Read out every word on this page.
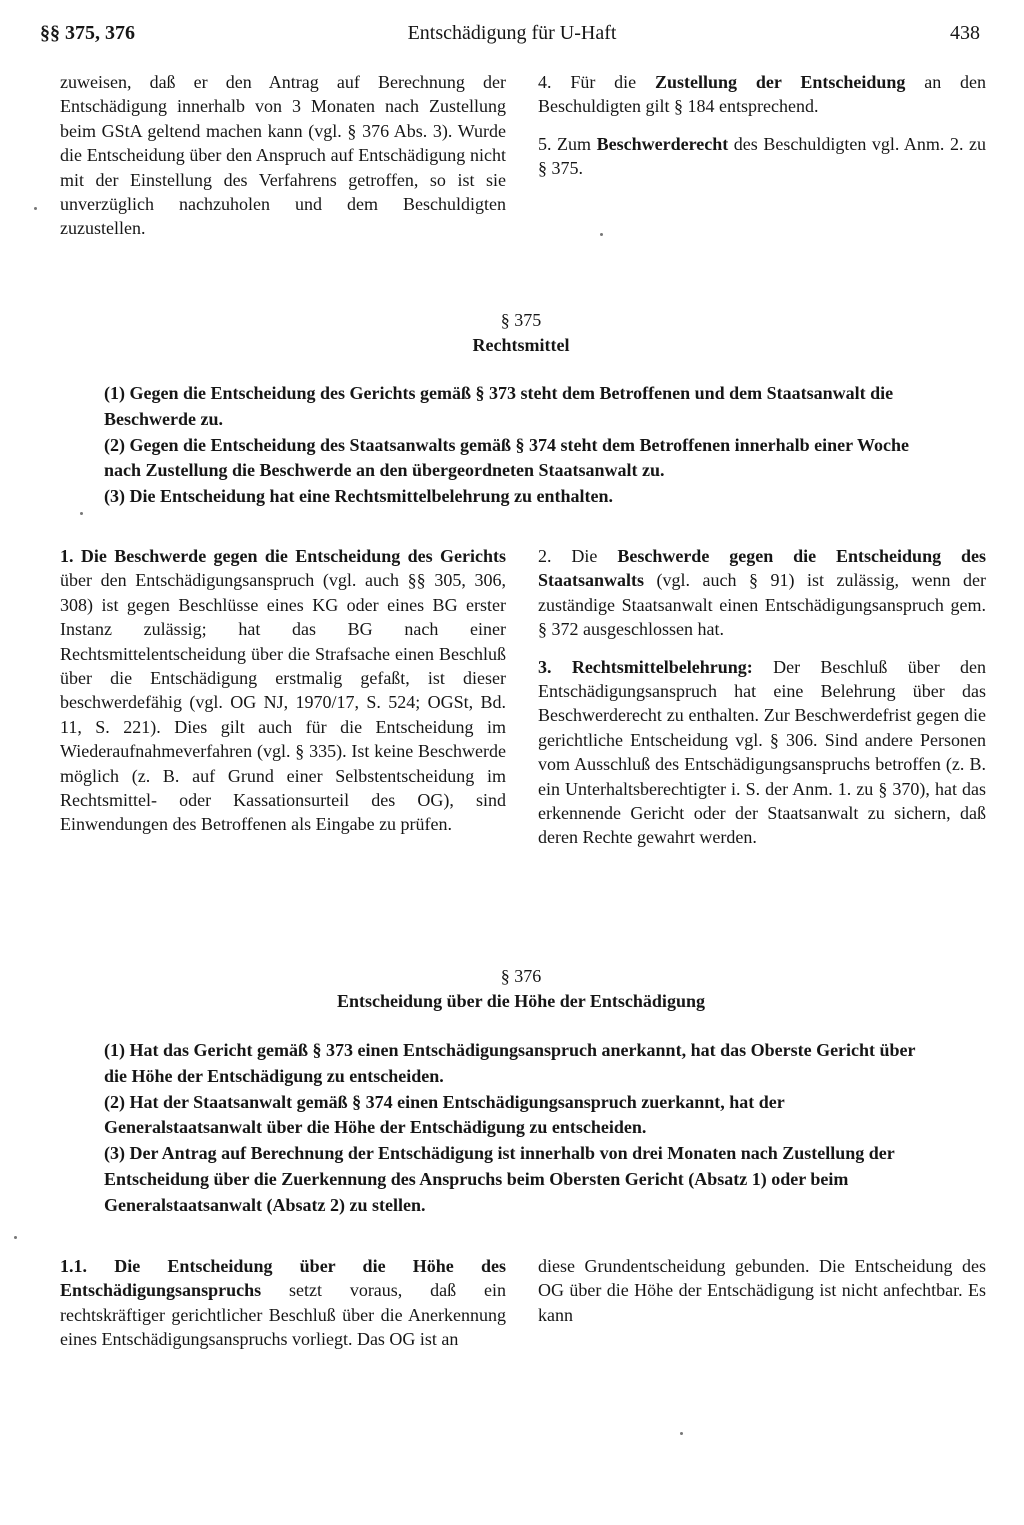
§§ 375, 376	Entschädigung für U-Haft	438

zuweisen, daß er den Antrag auf Berechnung der Entschädigung innerhalb von 3 Monaten nach Zustellung beim GStA geltend machen kann (vgl. § 376 Abs. 3). Wurde die Entscheidung über den Anspruch auf Entschädigung nicht mit der Einstellung des Verfahrens getroffen, so ist sie unverzüglich nachzuholen und dem Beschuldigten zuzustellen.

4. Für die Zustellung der Entscheidung an den Beschuldigten gilt § 184 entsprechend.

5. Zum Beschwerderecht des Beschuldigten vgl. Anm. 2. zu § 375.

§ 375
Rechtsmittel

(1) Gegen die Entscheidung des Gerichts gemäß § 373 steht dem Betroffenen und dem Staatsanwalt die Beschwerde zu.

(2) Gegen die Entscheidung des Staatsanwalts gemäß § 374 steht dem Betroffenen innerhalb einer Woche nach Zustellung die Beschwerde an den übergeordneten Staatsanwalt zu.

(3) Die Entscheidung hat eine Rechtsmittelbelehrung zu enthalten.

1. Die Beschwerde gegen die Entscheidung des Gerichts über den Entschädigungsanspruch (vgl. auch §§ 305, 306, 308) ist gegen Beschlüsse eines KG oder eines BG erster Instanz zulässig; hat das BG nach einer Rechtsmittelentscheidung über die Strafsache einen Beschluß über die Entschädigung erstmalig gefaßt, ist dieser beschwerdefähig (vgl. OG NJ, 1970/17, S. 524; OGSt, Bd. 11, S. 221). Dies gilt auch für die Entscheidung im Wiederaufnahmeverfahren (vgl. § 335). Ist keine Beschwerde möglich (z. B. auf Grund einer Selbstentscheidung im Rechtsmittel- oder Kassationsurteil des OG), sind Einwendungen des Betroffenen als Eingabe zu prüfen.

2. Die Beschwerde gegen die Entscheidung des Staatsanwalts (vgl. auch § 91) ist zulässig, wenn der zuständige Staatsanwalt einen Entschädigungsanspruch gem. § 372 ausgeschlossen hat.

3. Rechtsmittelbelehrung: Der Beschluß über den Entschädigungsanspruch hat eine Belehrung über das Beschwerderecht zu enthalten. Zur Beschwerdefrist gegen die gerichtliche Entscheidung vgl. § 306. Sind andere Personen vom Ausschluß des Entschädigungsanspruchs betroffen (z. B. ein Unterhaltsberechtigter i. S. der Anm. 1. zu § 370), hat das erkennende Gericht oder der Staatsanwalt zu sichern, daß deren Rechte gewahrt werden.

§ 376
Entscheidung über die Höhe der Entschädigung

(1) Hat das Gericht gemäß § 373 einen Entschädigungsanspruch anerkannt, hat das Oberste Gericht über die Höhe der Entschädigung zu entscheiden.

(2) Hat der Staatsanwalt gemäß § 374 einen Entschädigungsanspruch zuerkannt, hat der Generalstaatsanwalt über die Höhe der Entschädigung zu entscheiden.

(3) Der Antrag auf Berechnung der Entschädigung ist innerhalb von drei Monaten nach Zustellung der Entscheidung über die Zuerkennung des Anspruchs beim Obersten Gericht (Absatz 1) oder beim Generalstaatsanwalt (Absatz 2) zu stellen.

1.1. Die Entscheidung über die Höhe des Entschädigungsanspruchs setzt voraus, daß ein rechtskräftiger gerichtlicher Beschluß über die Anerkennung eines Entschädigungsanspruchs vorliegt. Das OG ist an

diese Grundentscheidung gebunden. Die Entscheidung des OG über die Höhe der Entschädigung ist nicht anfechtbar. Es kann
